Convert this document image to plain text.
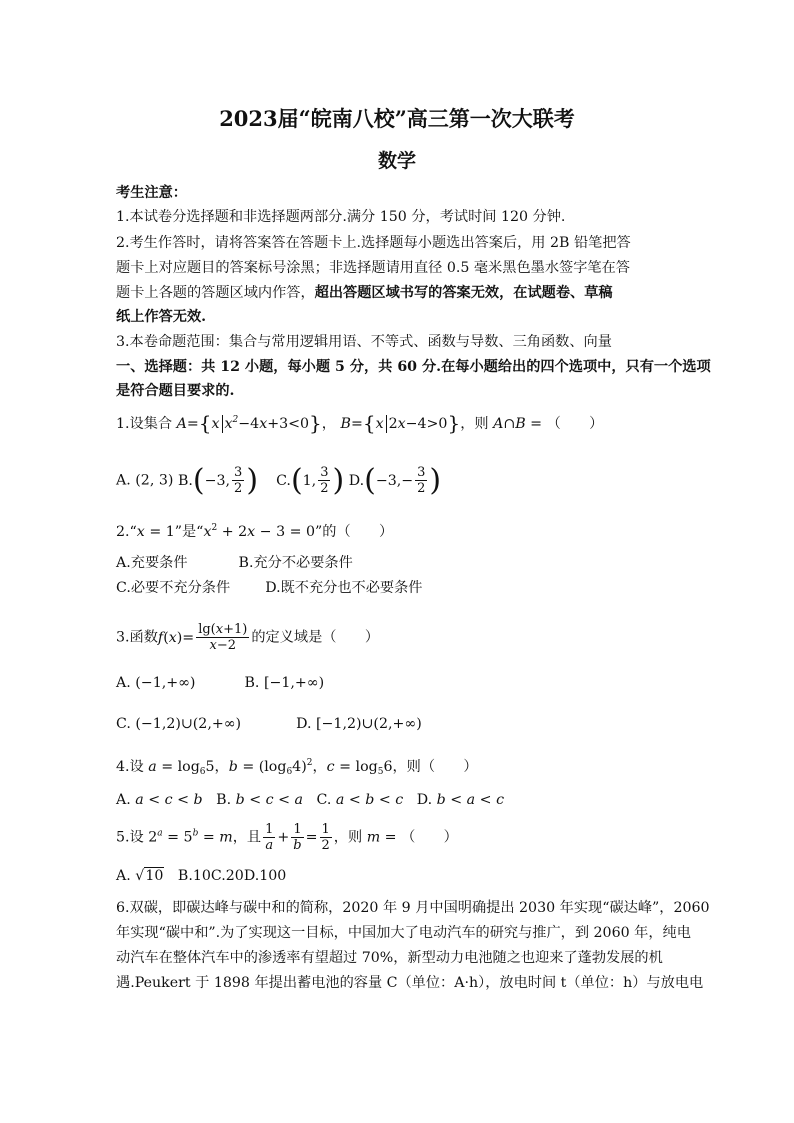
2023届“皖南八校”高三第一次大联考
数学
考生注意：
1.本试卷分选择题和非选择题两部分.满分 150 分，考试时间 120 分钟.
2.考生作答时，请将答案答在答题卡上.选择题每小题选出答案后，用 2B 铅笔把答
题卡上对应题目的答案标号涂黑；非选择题请用直径 0.5 毫米黑色墨水签字笔在答
题卡上各题的答题区域内作答，超出答题区域书写的答案无效，在试题卷、草稿
纸上作答无效.
3.本卷命题范围：集合与常用逻辑用语、不等式、函数与导数、三角函数、向量
一、选择题：共 12 小题，每小题 5 分，共 60 分.在每小题给出的四个选项中，只有一个选项
是符合题目要求的.
1.设集合 A={x $x^2-4x+3<0$}， B={x 2x−4>0}，则 A∩B = （　　）
A. (2, 3) B.(−3, $\frac{3}{2}$ ) C.(1, $\frac{3}{2}$ ) $D.(-3,- \frac{3}{2}$ )
2.“x = 1”是“$x^2 + 2x - 3 = 0$”的（　　）
A.充要条件	B.充分不必要条件
C.必要不充分条件 D.既不充分也不必要条件
3.函数$f(x)= \frac{\lg(x+1)}{x-2}$ 的定义域是（　　）
A. (−1,+∞)	B. [−1,+∞)
C. (−1,2)∪(2,+∞)	D. [−1,2)∪(2,+∞)
4.设 $a = \log_65$，$b = (\log_64)^2$，$c = \log_56$，则（　　）
A. a < c < b B. b < c < a C. a < b < c D. b < a < c
5.设 $2^a = 5^b = m$，且 $\frac{1}{a} + \frac{1}{b} = \frac{1}{2}$ ，则 m = （　　）
A. √10 B.10C.20D.100
6.双碳，即碳达峰与碳中和的简称，2020 年 9 月中国明确提出 2030 年实现“碳达峰”，2060
年实现“碳中和”.为了实现这一目标，中国加大了电动汽车的研究与推广，到 2060 年，纯电
动汽车在整体汽车中的渗透率有望超过 70%，新型动力电池随之也迎来了蓬勃发展的机
遇.Peukert 于 1898 年提出蓄电池的容量 C（单位：A·h），放电时间 t（单位：h）与放电电
